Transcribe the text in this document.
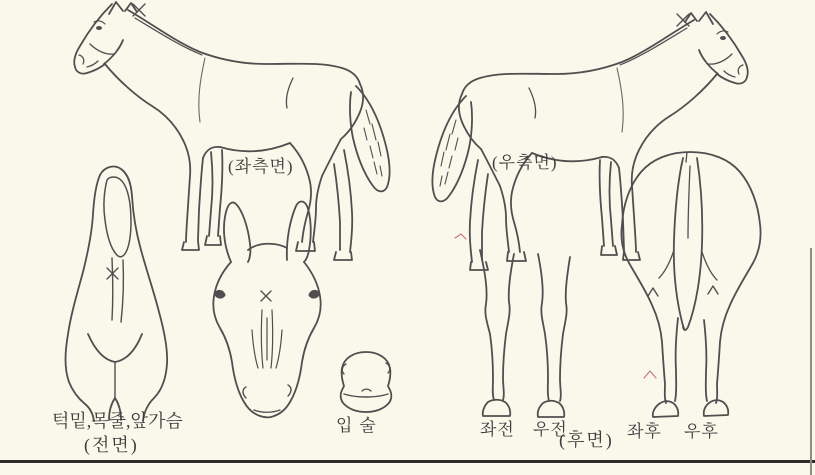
(좌측면)	(우측면)
턱밑,목줄,앞가슴
(전면)
입술	좌전 우전
(후면) 좌후 우후
